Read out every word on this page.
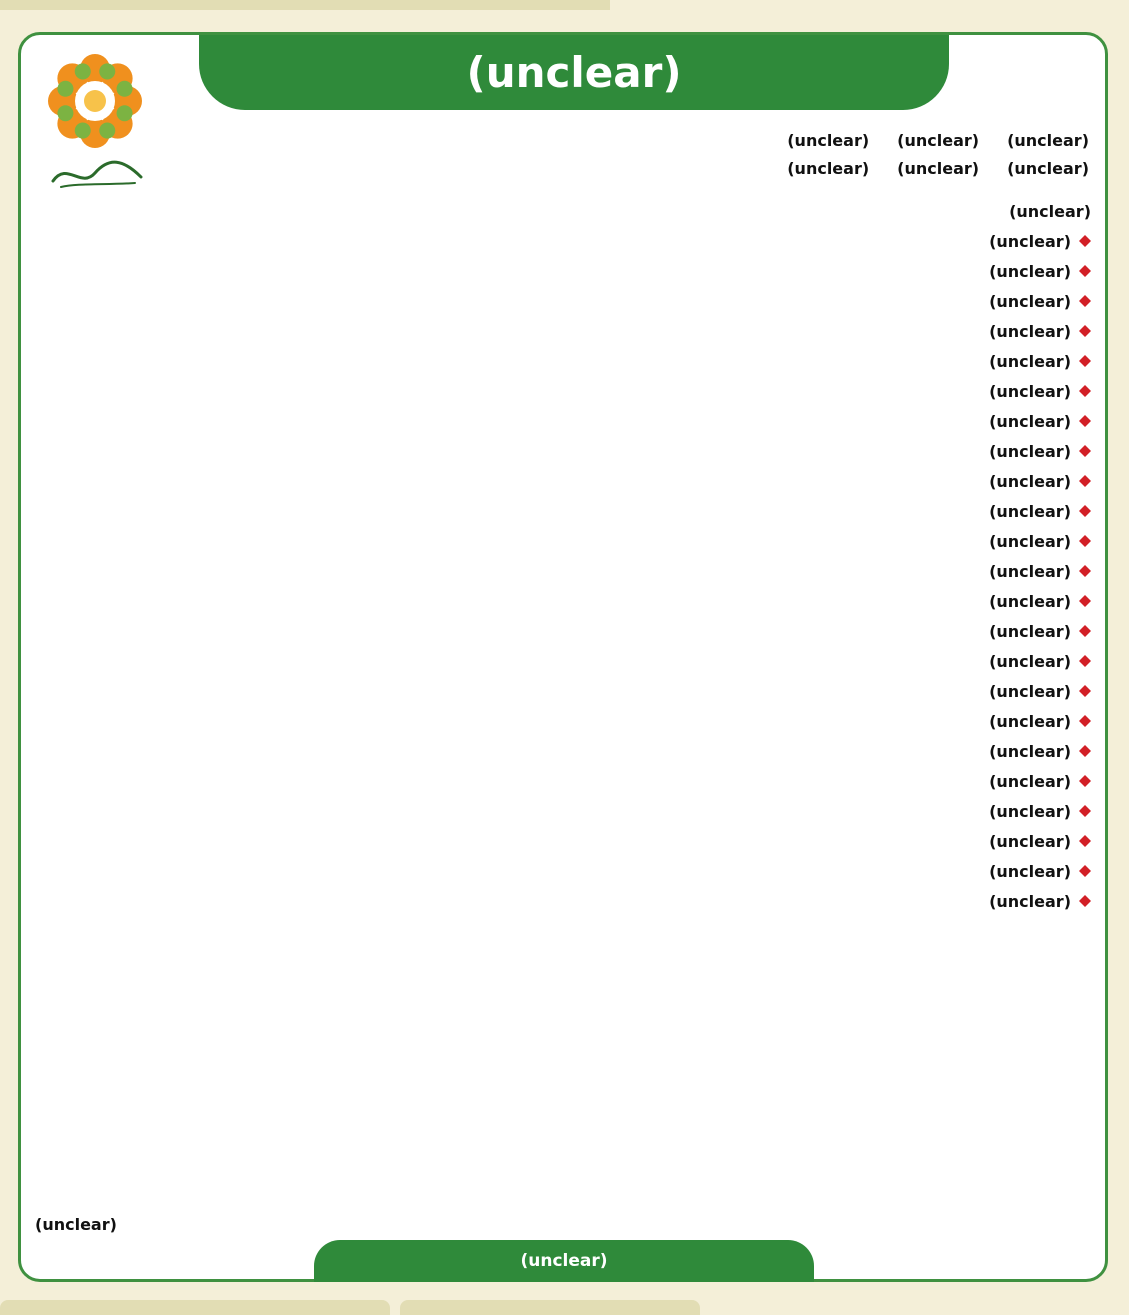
(unclear)
(unclear)
(unclear)
(unclear)
(unclear)
(unclear)
(unclear)

(unclear)

(unclear)
(unclear)
(unclear)
(unclear)
(unclear)
(unclear)
(unclear)
(unclear)
(unclear)
(unclear)
(unclear)
(unclear)
(unclear)
(unclear)
(unclear)
(unclear)
(unclear)
(unclear)
(unclear)
(unclear)
(unclear)
(unclear)
(unclear)
(unclear)
(unclear)
